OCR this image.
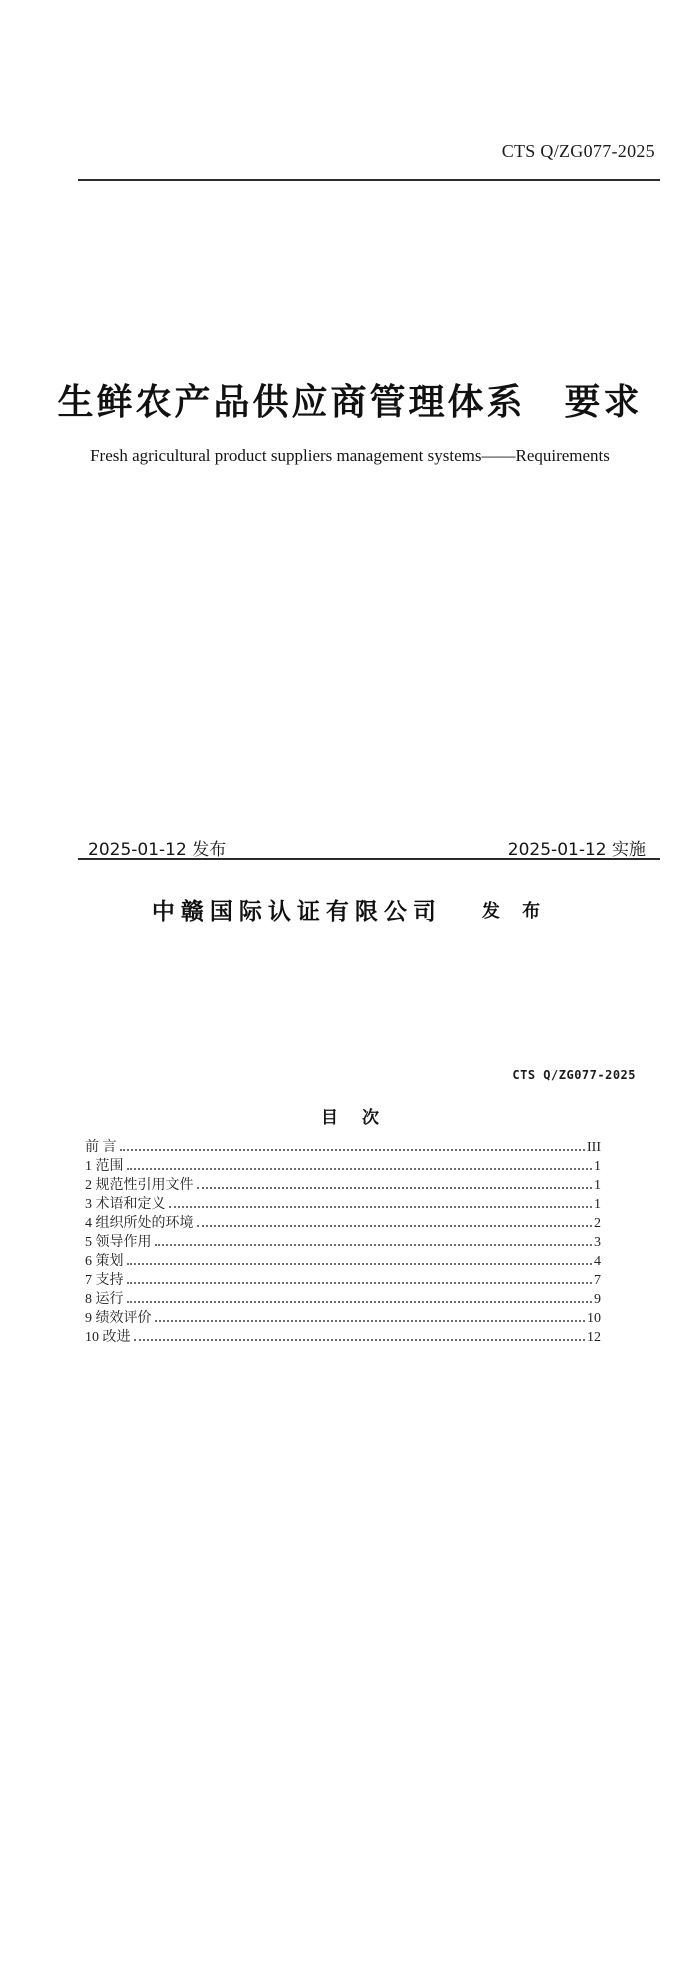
CTS Q/ZG077-2025
生鲜农产品供应商管理体系　要求
Fresh agricultural product suppliers management systems——Requirements
2025-01-12 发布	2025-01-12 实施
中赣国际认证有限公司 发 布
CTS Q/ZG077-2025
目 次
前 言	III
1 范围	1
2 规范性引用文件	1
3 术语和定义	1
4 组织所处的环境	2
5 领导作用	3
6 策划	4
7 支持	7
8 运行	9
9 绩效评价	10
10 改进	12
